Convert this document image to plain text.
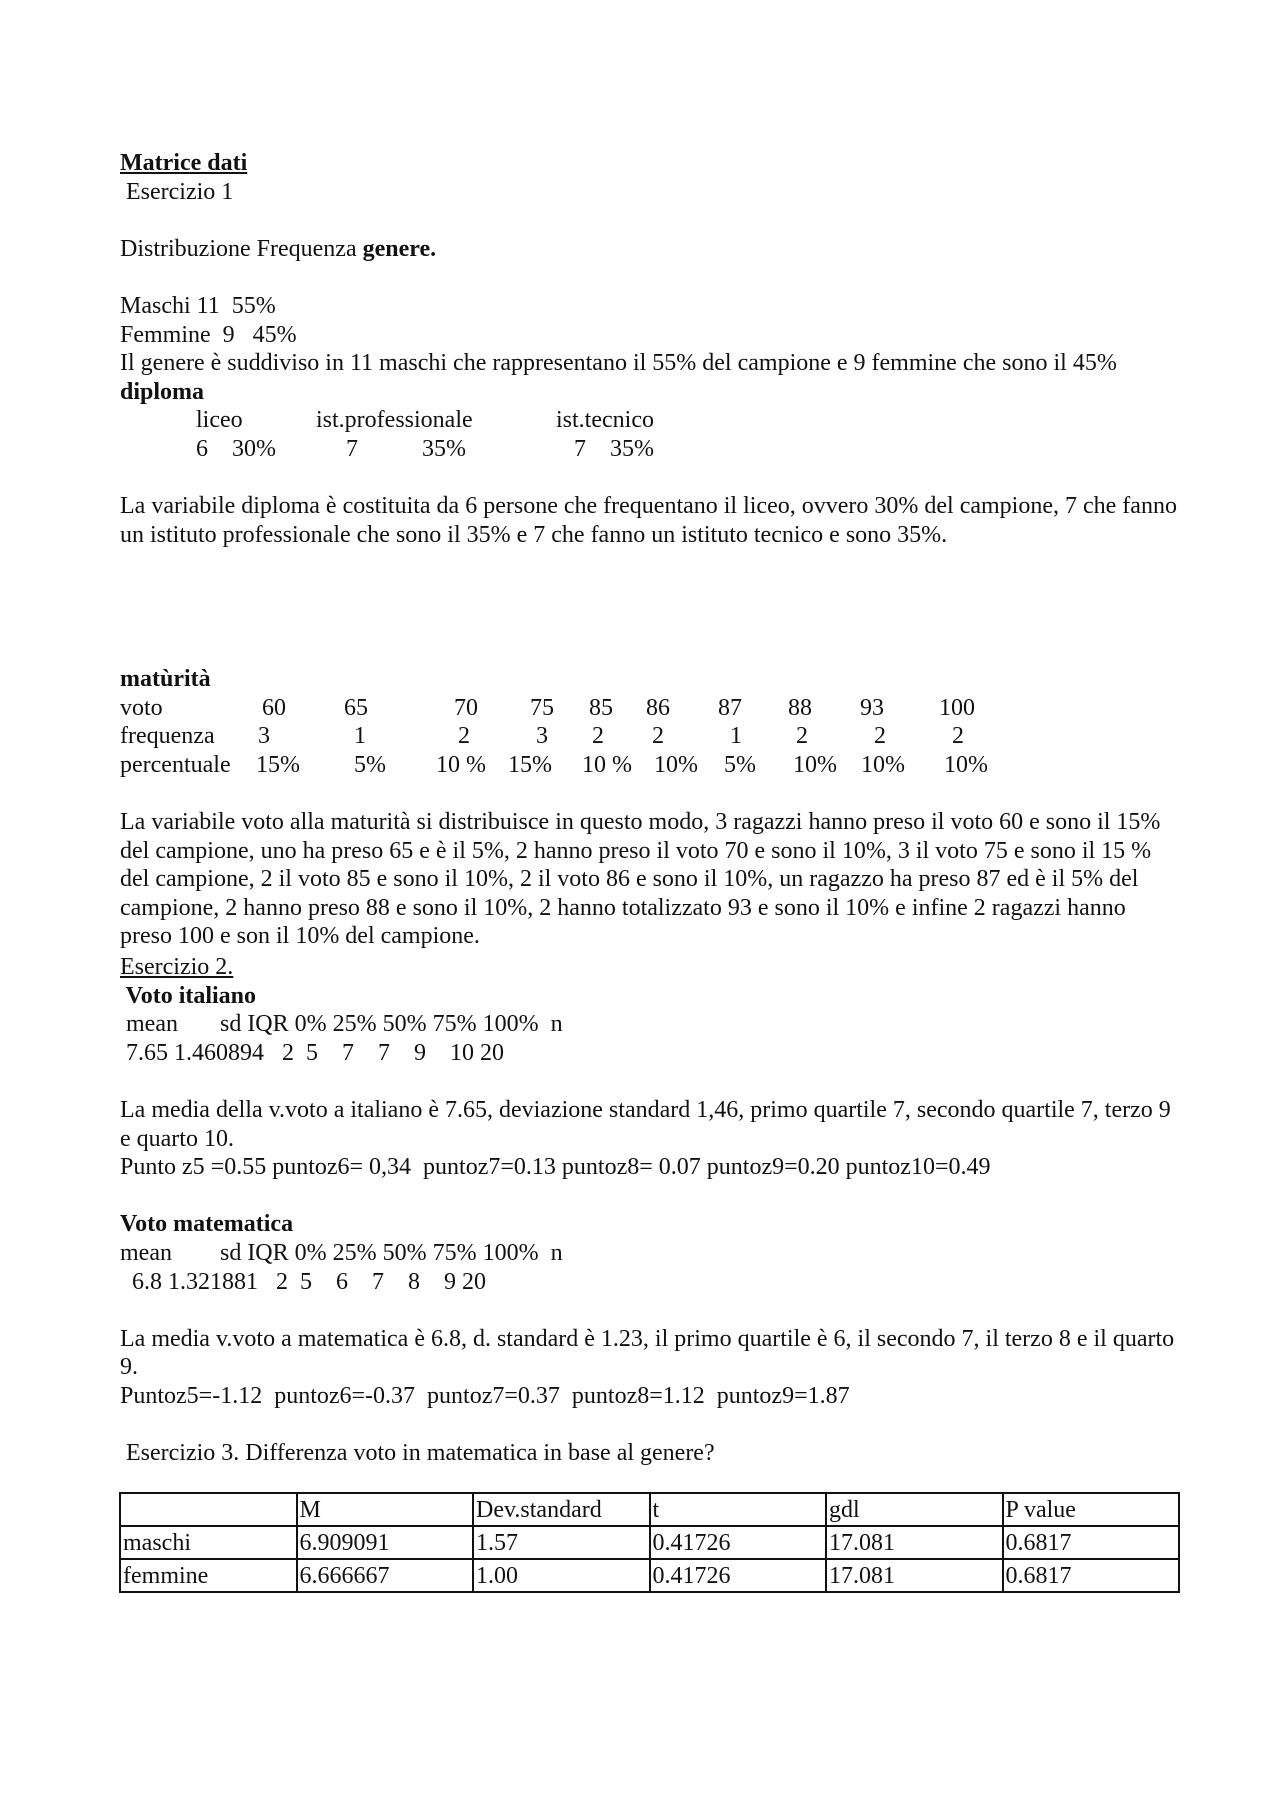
Matrice dati
Esercizio 1
Distribuzione Frequenza genere.
Maschi 11  55%
Femmine  9   45%
Il genere è suddiviso in 11 maschi che rappresentano il 55% del campione e 9 femmine che sono il 45%
diploma
liceo	ist.professionale	ist.tecnico
6    30%	7	35%	7    35%
La variabile diploma è costituita da 6 persone che frequentano il liceo, ovvero 30% del campione, 7 che fanno un istituto professionale che sono il 35% e 7 che fanno un istituto tecnico e sono 35%.
matùrità
voto	60 65	70 75 85 86 87 88 93 100
frequenza 3	1	2	3 2 2	1 2	2	2
percentuale 15% 5% 10 % 15% 10 % 10% 5% 10% 10% 10%
La variabile voto alla maturità si distribuisce in questo modo, 3 ragazzi hanno preso il voto 60 e sono il 15% del campione, uno ha preso 65 e è il 5%, 2 hanno preso il voto 70 e sono il 10%, 3 il voto 75 e sono il 15 % del campione, 2 il voto 85 e sono il 10%, 2 il voto 86 e sono il 10%, un ragazzo ha preso 87 ed è il 5% del campione, 2 hanno preso 88 e sono il 10%, 2 hanno totalizzato 93 e sono il 10% e infine 2 ragazzi hanno preso 100 e son il 10% del campione.
Esercizio 2.
Voto italiano
mean       sd IQR 0% 25% 50% 75% 100%  n
7.65 1.460894   2  5    7    7    9    10 20
La media della v.voto a italiano è 7.65, deviazione standard 1,46, primo quartile 7, secondo quartile 7, terzo 9 e quarto 10.
Punto z5 =0.55 puntoz6= 0,34  puntoz7=0.13 puntoz8= 0.07 puntoz9=0.20 puntoz10=0.49
Voto matematica
mean        sd IQR 0% 25% 50% 75% 100%  n
6.8 1.321881   2  5    6    7    8    9 20
La media v.voto a matematica è 6.8, d. standard è 1.23, il primo quartile è 6, il secondo 7, il terzo 8 e il quarto 9.
Puntoz5=-1.12  puntoz6=-0.37  puntoz7=0.37  puntoz8=1.12  puntoz9=1.87
Esercizio 3. Differenza voto in matematica in base al genere?
	M	Dev.standard	t	gdl	P value
maschi	6.909091	1.57	0.41726	17.081	0.6817
femmine	6.666667	1.00	0.41726	17.081	0.6817
